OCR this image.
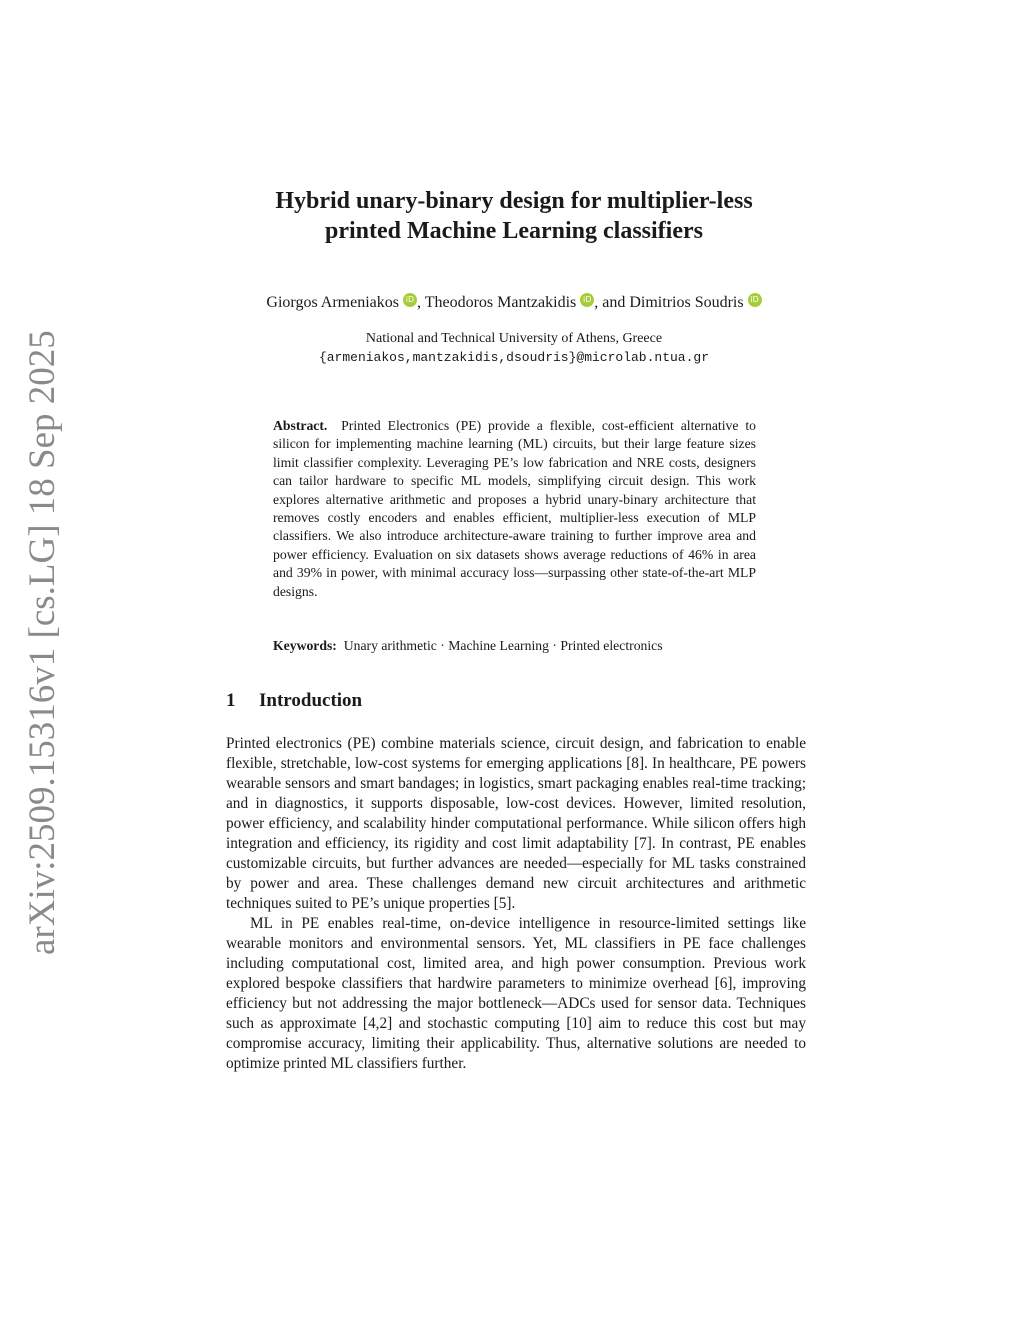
arXiv:2509.15316v1 [cs.LG] 18 Sep 2025
Hybrid unary-binary design for multiplier-less
printed Machine Learning classifiers
Giorgos Armeniakos iD , Theodoros Mantzakidis iD , and Dimitrios Soudris iD
National and Technical University of Athens, Greece
{armeniakos,mantzakidis,dsoudris}@microlab.ntua.gr
Abstract. Printed Electronics (PE) provide a flexible, cost-efficient alternative to silicon for implementing machine learning (ML) circuits, but their large feature sizes limit classifier complexity. Leveraging PE’s low fabrication and NRE costs, designers can tailor hardware to specific ML models, simplifying circuit design. This work explores alternative arithmetic and proposes a hybrid unary-binary architecture that removes costly encoders and enables efficient, multiplier-less execution of MLP classifiers. We also introduce architecture-aware training to further improve area and power efficiency. Evaluation on six datasets shows average reductions of 46% in area and 39% in power, with minimal accuracy loss—surpassing other state-of-the-art MLP designs.
Keywords: Unary arithmetic · Machine Learning · Printed electronics
1 Introduction

Printed electronics (PE) combine materials science, circuit design, and fabrication to enable flexible, stretchable, low-cost systems for emerging applications [8]. In healthcare, PE powers wearable sensors and smart bandages; in logistics, smart packaging enables real-time tracking; and in diagnostics, it supports disposable, low-cost devices. However, limited resolution, power efficiency, and scalability hinder computational performance. While silicon offers high integration and efficiency, its rigidity and cost limit adaptability [7]. In contrast, PE enables customizable circuits, but further advances are needed—especially for ML tasks constrained by power and area. These challenges demand new circuit architectures and arithmetic techniques suited to PE’s unique properties [5].

ML in PE enables real-time, on-device intelligence in resource-limited settings like wearable monitors and environmental sensors. Yet, ML classifiers in PE face challenges including computational cost, limited area, and high power consumption. Previous work explored bespoke classifiers that hardwire parameters to minimize overhead [6], improving efficiency but not addressing the major bottleneck—ADCs used for sensor data. Techniques such as approximate [4,2] and stochastic computing [10] aim to reduce this cost but may compromise accuracy, limiting their applicability. Thus, alternative solutions are needed to optimize printed ML classifiers further.
